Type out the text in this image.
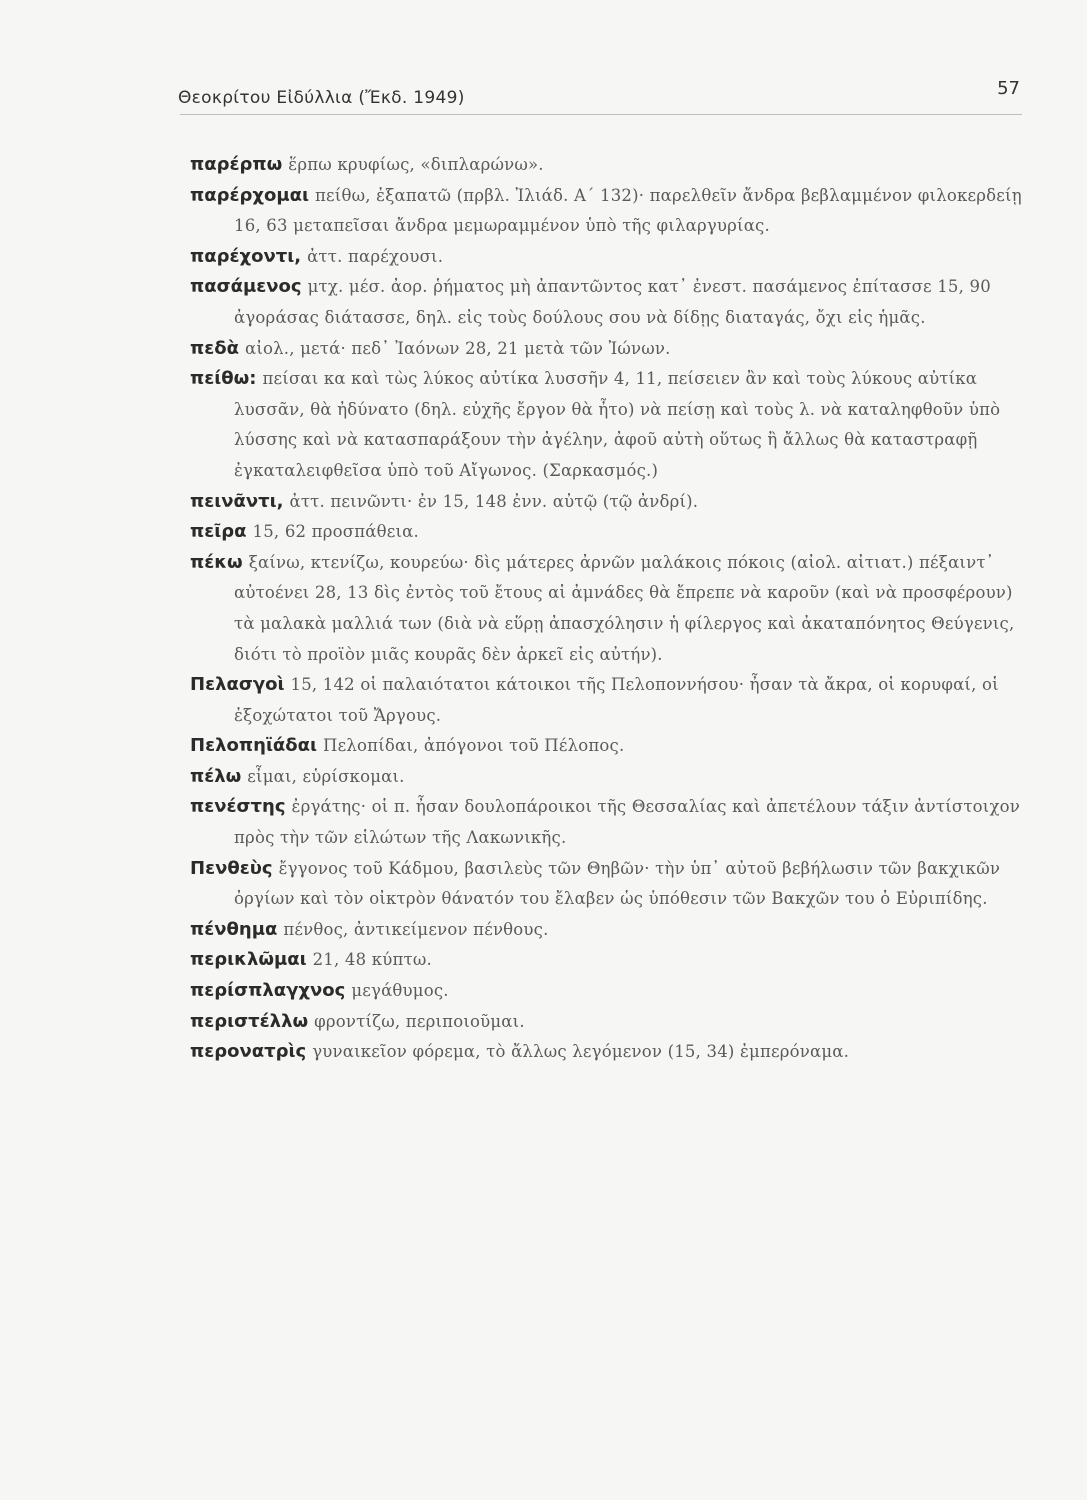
Θεοκρίτου Εἰδύλλια (Ἔκδ. 1949)	57

παρέρπω ἕρπω κρυφίως, «διπλαρώνω».

παρέρχομαι πείθω, ἐξαπατῶ (πρβλ. Ἰλιάδ. Α΄ 132)· παρελθεῖν ἄνδρα βεβλαμμένον φιλοκερδείῃ 16, 63 μεταπεῖσαι ἄνδρα μεμωραμμένον ὑπὸ τῆς φιλαργυρίας.

παρέχοντι, ἀττ. παρέχουσι.

πασάμενος μτχ. μέσ. ἀορ. ῥήματος μὴ ἀπαντῶντος κατ᾽ ἐνεστ. πασάμενος ἐπίτασσε 15, 90 ἀγοράσας διάτασσε, δηλ. εἰς τοὺς δούλους σου νὰ δίδῃς διαταγάς, ὄχι εἰς ἡμᾶς.

πεδὰ αἰολ., μετά· πεδ᾽ Ἰαόνων 28, 21 μετὰ τῶν Ἰώνων.

πείθω: πείσαι κα καὶ τὼς λύκος αὐτίκα λυσσῆν 4, 11, πείσειεν ἂν καὶ τοὺς λύκους αὐτίκα λυσσᾶν, θὰ ἠδύνατο (δηλ. εὐχῆς ἔργον θὰ ἦτο) νὰ πείσῃ καὶ τοὺς λ. νὰ καταληφθοῦν ὑπὸ λύσσης καὶ νὰ κατασπαράξουν τὴν ἀγέλην, ἀφοῦ αὐτὴ οὕτως ἢ ἄλλως θὰ καταστραφῇ ἐγκαταλειφθεῖσα ὑπὸ τοῦ Αἴγωνος. (Σαρκασμός.)

πεινᾶντι, ἀττ. πεινῶντι· ἐν 15, 148 ἐνν. αὐτῷ (τῷ ἀνδρί).

πεῖρα 15, 62 προσπάθεια.

πέκω ξαίνω, κτενίζω, κουρεύω· δὶς μάτερες ἀρνῶν μαλάκοις πόκοις (αἰολ. αἰτιατ.) πέξαιντ᾽ αὐτοένει 28, 13 δὶς ἐντὸς τοῦ ἔτους αἱ ἀμνάδες θὰ ἔπρεπε νὰ καροῦν (καὶ νὰ προσφέρουν) τὰ μαλακὰ μαλλιά των (διὰ νὰ εὕρῃ ἀπασχόλησιν ἡ φίλεργος καὶ ἀκαταπόνητος Θεύγενις, διότι τὸ προϊὸν μιᾶς κουρᾶς δὲν ἀρκεῖ εἰς αὐτήν).

Πελασγοὶ 15, 142 οἱ παλαιότατοι κάτοικοι τῆς Πελοποννήσου· ἦσαν τὰ ἄκρα, οἱ κορυφαί, οἱ ἐξοχώτατοι τοῦ Ἄργους.

Πελοπηϊάδαι Πελοπίδαι, ἀπόγονοι τοῦ Πέλοπος.

πέλω εἶμαι, εὑρίσκομαι.

πενέστης ἐργάτης· οἱ π. ἦσαν δουλοπάροικοι τῆς Θεσσαλίας καὶ ἀπετέλουν τάξιν ἀντίστοιχον πρὸς τὴν τῶν εἱλώτων τῆς Λακωνικῆς.

Πενθεὺς ἔγγονος τοῦ Κάδμου, βασιλεὺς τῶν Θηβῶν· τὴν ὑπ᾽ αὐτοῦ βεβήλωσιν τῶν βακχικῶν ὀργίων καὶ τὸν οἰκτρὸν θάνατόν του ἔλαβεν ὡς ὑπόθεσιν τῶν Βακχῶν του ὁ Εὐριπίδης.

πένθημα πένθος, ἀντικείμενον πένθους.

περικλῶμαι 21, 48 κύπτω.

περίσπλαγχνος μεγάθυμος.

περιστέλλω φροντίζω, περιποιοῦμαι.

περονατρὶς γυναικεῖον φόρεμα, τὸ ἄλλως λεγόμενον (15, 34) ἐμπερόναμα.
